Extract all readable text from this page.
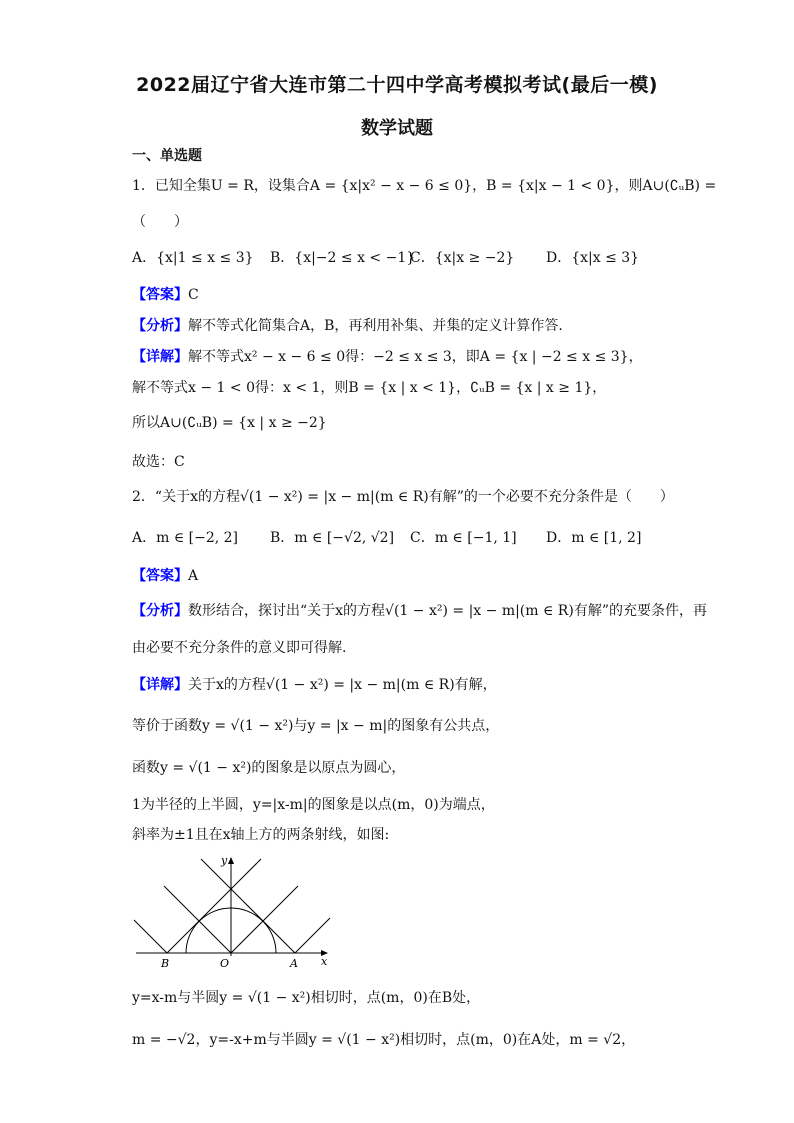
2022届辽宁省大连市第二十四中学高考模拟考试(最后一模)
数学试题
一、单选题
1．已知全集U = R，设集合A = {x|x² − x − 6 ≤ 0}，B = {x|x − 1 < 0}，则A∪(∁ᵤB) =
（　　）
A．{x|1 ≤ x ≤ 3} B．{x|−2 ≤ x < −1}
C．{x|x ≥ −2} D．{x|x ≤ 3}
【答案】C
【分析】解不等式化简集合A，B，再利用补集、并集的定义计算作答.
【详解】解不等式x² − x − 6 ≤ 0得：−2 ≤ x ≤ 3，即A = {x | −2 ≤ x ≤ 3}，
解不等式x − 1 < 0得：x < 1，则B = {x | x < 1}，∁ᵤB = {x | x ≥ 1}，
所以A∪(∁ᵤB) = {x | x ≥ −2}
故选：C
2．“关于x的方程√(1 − x²) = |x − m|(m ∈ R)有解”的一个必要不充分条件是（　　）
A．m ∈ [−2, 2] B．m ∈ [−√2, √2] C．m ∈ [−1, 1] D．m ∈ [1, 2]
【答案】A
【分析】数形结合，探讨出“关于x的方程√(1 − x²) = |x − m|(m ∈ R)有解”的充要条件，再
由必要不充分条件的意义即可得解.
【详解】关于x的方程√(1 − x²) = |x − m|(m ∈ R)有解，
等价于函数y = √(1 − x²)与y = |x − m|的图象有公共点，
函数y = √(1 − x²)的图象是以原点为圆心，
1为半径的上半圆，y=|x-m|的图象是以点(m，0)为端点，
斜率为±1且在x轴上方的两条射线，如图:
y
x
O	A
B
y=x-m与半圆y = √(1 − x²)相切时，点(m，0)在B处，
m = −√2，y=-x+m与半圆y = √(1 − x²)相切时，点(m，0)在A处，m = √2，
